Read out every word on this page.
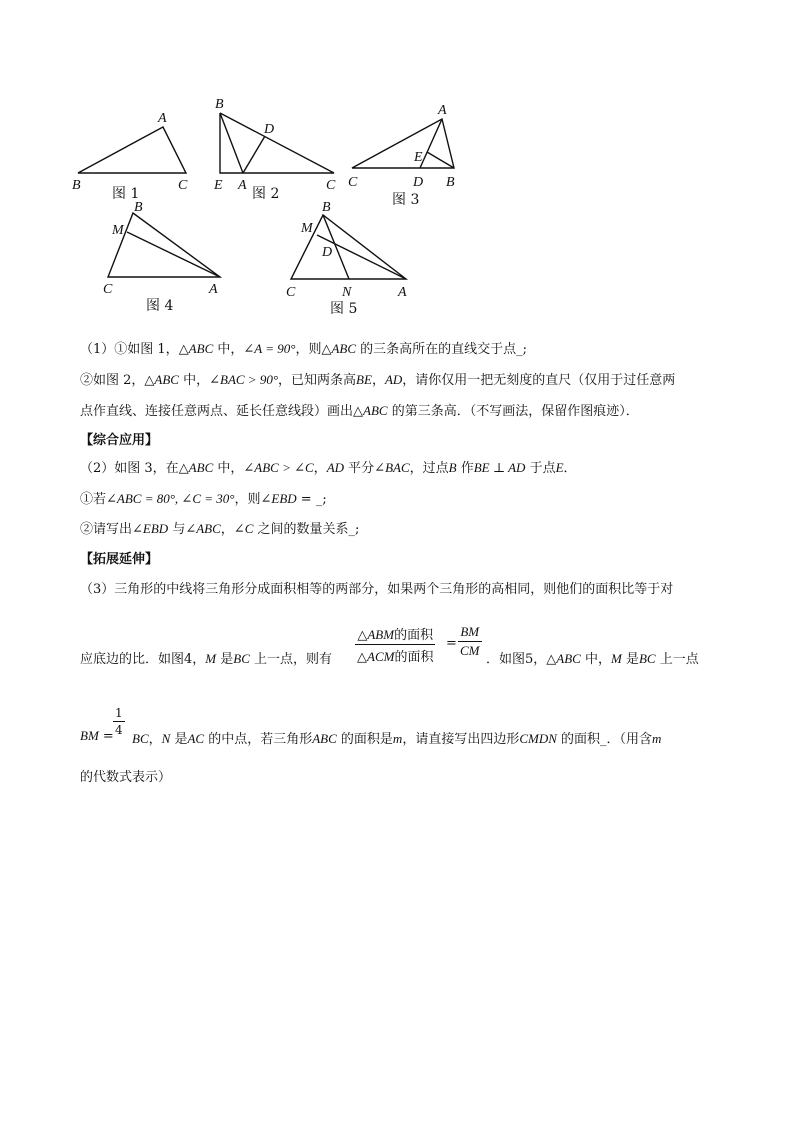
A
B	C
图 1
B
D
E A	C
图 2
A
E
C	D B
图 3
B
M
C	A
图 4
B
M
D
C	N	A
图 5
（1）①如图 1，△ABC 中，∠A = 90°，则△ABC 的三条高所在的直线交于点_;
②如图 2，△ABC 中，∠BAC > 90°，已知两条高BE，AD，请你仅用一把无刻度的直尺（仅用于过任意两
点作直线、连接任意两点、延长任意线段）画出△ABC 的第三条高．（不写画法，保留作图痕迹）．
【综合应用】
（2）如图 3，在△ABC 中，∠ABC > ∠C，AD 平分∠BAC，过点B 作BE ⊥ AD 于点E．
①若∠ABC = 80°, ∠C = 30°，则∠EBD = _;
②请写出∠EBD 与∠ABC，∠C 之间的数量关系_;
【拓展延伸】
（3）三角形的中线将三角形分成面积相等的两部分，如果两个三角形的高相同，则他们的面积比等于对
△ABM的面积
△ACM的面积
= $\frac{BM}{CM}$
应底边的比．如图4，M 是BC 上一点，则有	．如图5，△ABC 中，M 是BC 上一点
BM = $\frac{1}{4}$
BC，N 是AC 的中点，若三角形ABC 的面积是m，请直接写出四边形CMDN 的面积_．（用含m
的代数式表示）
